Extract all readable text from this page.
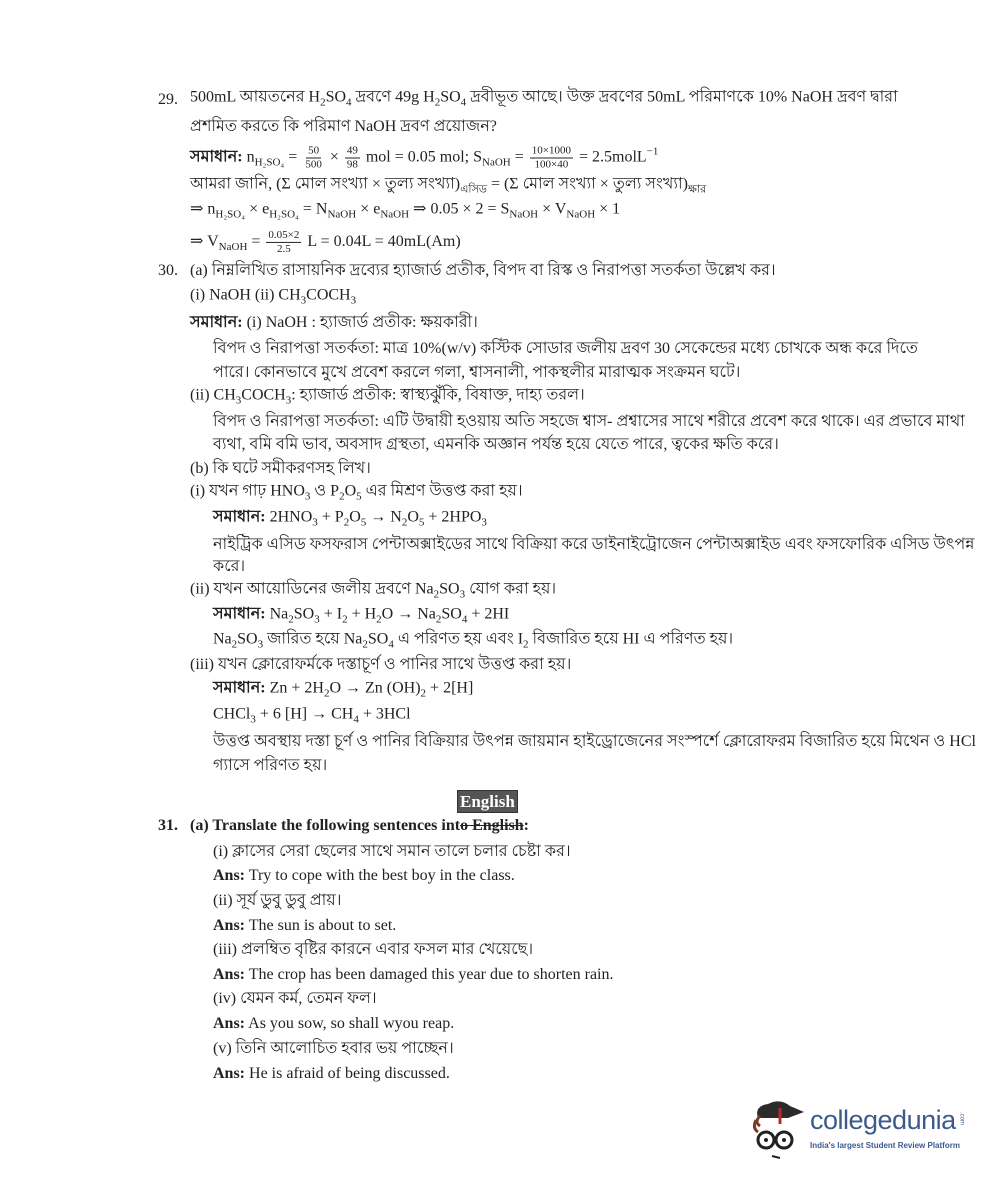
29. 500mL আয়তনের $H_2SO_4$ দ্রবণে 49g $H_2SO_4$ দ্রবীভূত আছে। উক্ত দ্রবণের 50mL পরিমাণকে 10% NaOH দ্রবণ দ্বারা
প্রশমিত করতে কি পরিমাণ NaOH দ্রবণ প্রয়োজন?
সমাধান: $n_{H_2SO_4} = \frac{50}{500} \times \frac{49}{98}$ mol = 0.05 mol; $S_{NaOH} = \frac{10\times 1000}{100\times 40}$ = 2.5molL$^{-1}$
আমরা জানি, (Σ মোল সংখ্যা × তুল্য $সংখ্যা)_{এসিড} = (\Sigma$ মোল সংখ্যা × তুল্য $সংখ্যা)_{ক্ষার}$
⇒ $n_{H_2SO_4} \times e_{H_2SO_4} = N_{NaOH} \times e_{NaOH}$ ⇒ $0.05 \times 2 = S_{NaOH} \times V_{NaOH} \times 1$
⇒ $V_{NaOH} = \frac{0.05\times 2}{2.5}$ L = 0.04L = 40mL(Am)
30. (a) নিম্নলিখিত রাসায়নিক দ্রব্যের হ্যাজার্ড প্রতীক, বিপদ বা রিস্ক ও নিরাপত্তা সতর্কতা উল্লেখ কর।
(i) NaOH (ii) $CH_3COCH_3$
সমাধান: (i) NaOH : হ্যাজার্ড প্রতীক: ক্ষয়কারী।
বিপদ ও নিরাপত্তা সতর্কতা: মাত্র 10%(w/v) কস্টিক সোডার জলীয় দ্রবণ 30 সেকেন্ডের মধ্যে চোখকে অন্ধ করে দিতে
পারে। কোনভাবে মুখে প্রবেশ করলে গলা, শ্বাসনালী, পাকস্থলীর মারাত্মক সংক্রমন ঘটে।
(ii) $CH_3COCH_3$: হ্যাজার্ড প্রতীক: স্বাস্থ্যঝুঁকি, বিষাক্ত, দাহ্য তরল।
বিপদ ও নিরাপত্তা সতর্কতা: এটি উদ্বায়ী হওয়ায় অতি সহজে শ্বাস- প্রশ্বাসের সাথে শরীরে প্রবেশ করে থাকে। এর প্রভাবে মাথা
ব্যথা, বমি বমি ভাব, অবসাদ গ্রস্থতা, এমনকি অজ্ঞান পর্যন্ত হয়ে যেতে পারে, ত্বকের ক্ষতি করে।
(b) কি ঘটে সমীকরণসহ লিখ।
(i) যখন গাঢ় $HNO_3$ ও $P_2O_5$ এর মিশ্রণ উত্তপ্ত করা হয়।
সমাধান: $2HNO_3 + P_2O_5 \to N_2O_5 + 2HPO_3$
নাইট্রিক এসিড ফসফরাস পেন্টাঅক্সাইডের সাথে বিক্রিয়া করে ডাইনাইট্রোজেন পেন্টাঅক্সাইড এবং ফসফোরিক এসিড উৎপন্ন
করে।
(ii) যখন আয়োডিনের জলীয় দ্রবণে $Na_2SO_3$ যোগ করা হয়।
সমাধান: $Na_2SO_3 + I_2 + H_2O \to Na_2SO_4 + 2HI$
$Na_2SO_3$ জারিত হয়ে $Na_2SO_4$ এ পরিণত হয় এবং $I_2$ বিজারিত হয়ে HI এ পরিণত হয়।
(iii) যখন ক্লোরোফর্মকে দস্তাচূর্ণ ও পানির সাথে উত্তপ্ত করা হয়।
সমাধান: $Zn + 2H_2O \to Zn$ $(OH)_2 + 2[H]$
CHCl$_3$ + 6 $[H] \to CH_4 + 3HCl$
উত্তপ্ত অবস্থায় দস্তা চূর্ণ ও পানির বিক্রিয়ার উৎপন্ন জায়মান হাইড্রোজেনের সংস্পর্শে ক্লোরোফরম বিজারিত হয়ে মিথেন ও HCl
গ্যাসে পরিণত হয়।
31. (a) Translate the following sentences into English:
(i) ক্লাসের সেরা ছেলের সাথে সমান তালে চলার চেষ্টা কর।
Ans: Try to cope with the best boy in the class.
(ii) সূর্য ডুবু ডুবু প্রায়।
Ans: The sun is about to set.
(iii) প্রলম্বিত বৃষ্টির কারনে এবার ফসল মার খেয়েছে।
Ans: The crop has been damaged this year due to shorten rain.
(iv) যেমন কর্ম, তেমন ফল।
Ans: As you sow, so shall wyou reap.
(v) তিনি আলোচিত হবার ভয় পাচ্ছেন।
Ans: He is afraid of being discussed.
English
collegedunia .com
India's largest Student Review Platform
